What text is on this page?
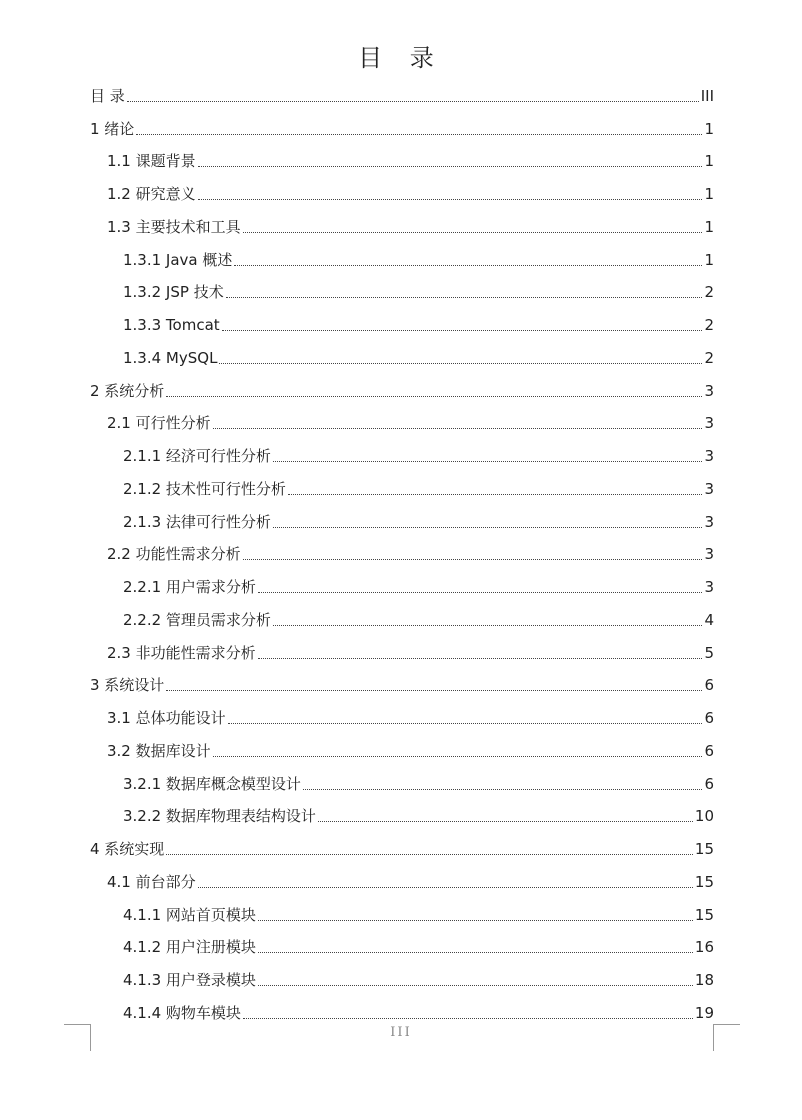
目 录
目 录	III
1 绪论	1
1.1 课题背景	1
1.2 研究意义	1
1.3 主要技术和工具	1
1.3.1 Java 概述	1
1.3.2 JSP 技术	2
1.3.3 Tomcat	2
1.3.4 MySQL	2
2 系统分析	3
2.1 可行性分析	3
2.1.1 经济可行性分析	3
2.1.2 技术性可行性分析	3
2.1.3 法律可行性分析	3
2.2 功能性需求分析	3
2.2.1 用户需求分析	3
2.2.2 管理员需求分析	4
2.3 非功能性需求分析	5
3 系统设计	6
3.1 总体功能设计	6
3.2 数据库设计	6
3.2.1 数据库概念模型设计	6
3.2.2 数据库物理表结构设计	10
4 系统实现	15
4.1 前台部分	15
4.1.1 网站首页模块	15
4.1.2 用户注册模块	16
4.1.3 用户登录模块	18
4.1.4 购物车模块	19
III
